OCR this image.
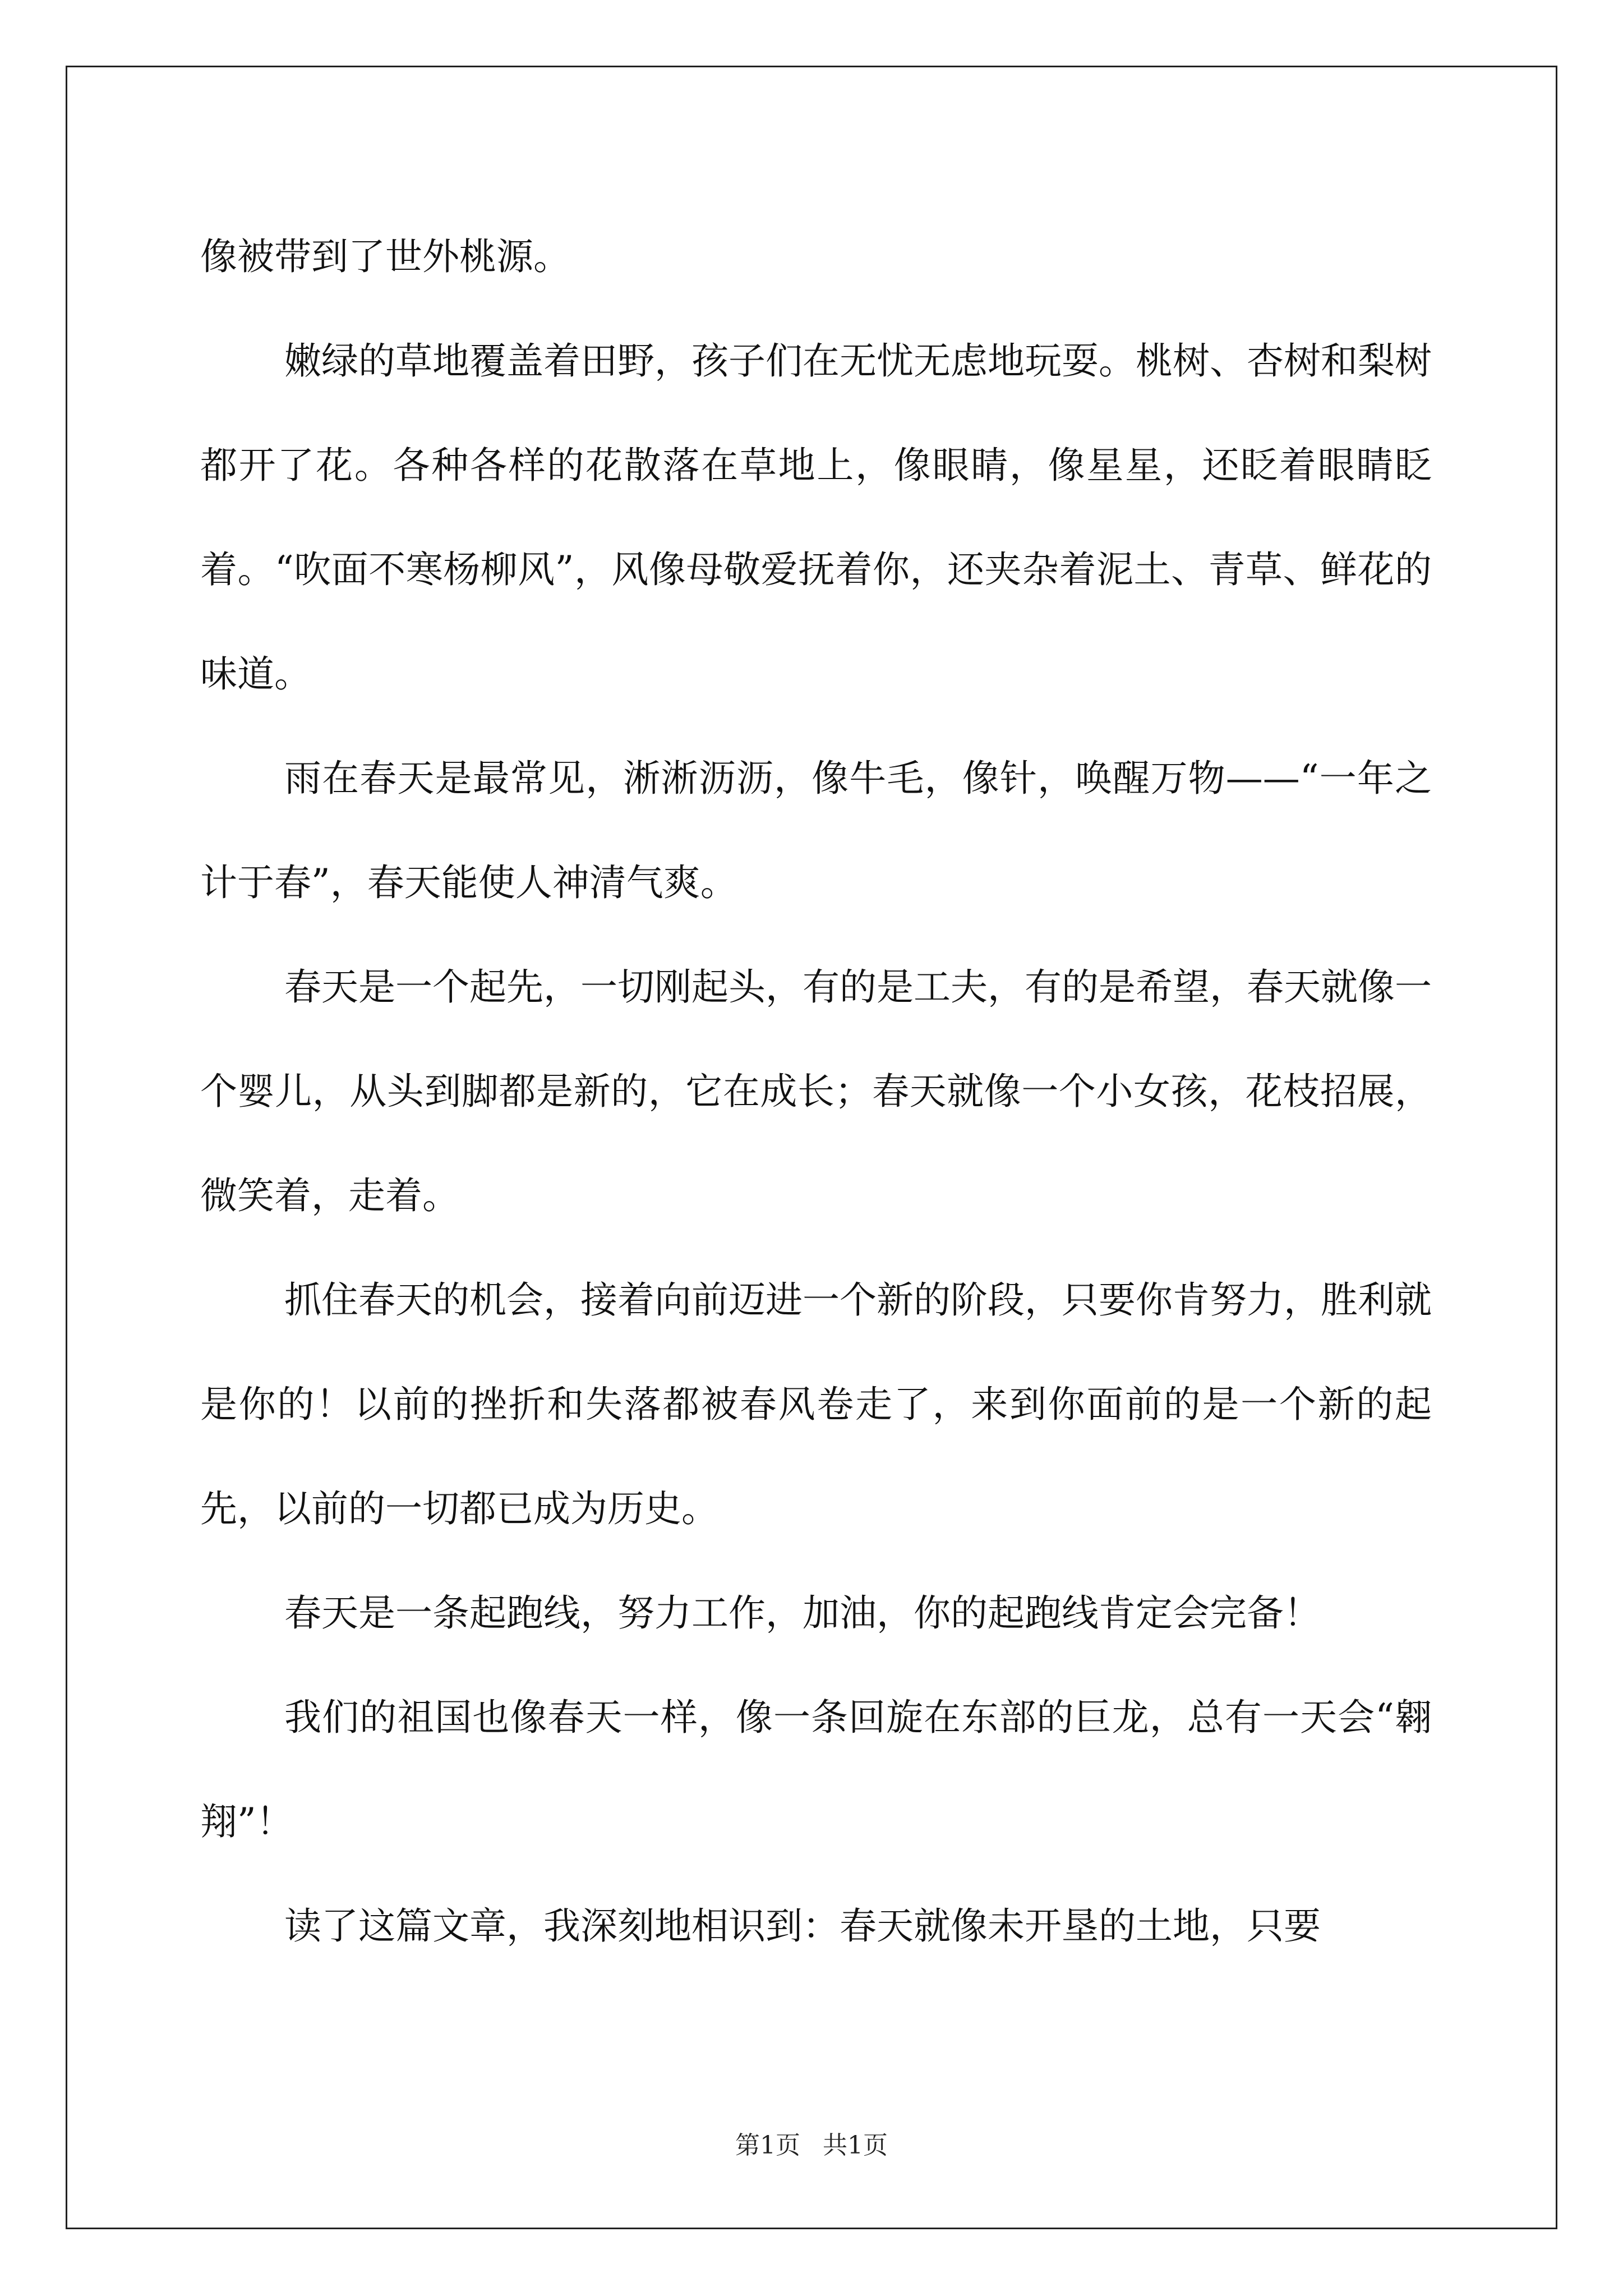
像被带到了世外桃源。

嫩绿的草地覆盖着田野，孩子们在无忧无虑地玩耍。桃树、杏树和梨树都开了花。各种各样的花散落在草地上，像眼睛，像星星，还眨着眼睛眨着。“吹面不寒杨柳风”，风像母敬爱抚着你，还夹杂着泥土、青草、鲜花的味道。

雨在春天是最常见，淅淅沥沥，像牛毛，像针，唤醒万物——“一年之计于春”，春天能使人神清气爽。

春天是一个起先，一切刚起头，有的是工夫，有的是希望，春天就像一个婴儿，从头到脚都是新的，它在成长；春天就像一个小女孩，花枝招展，微笑着，走着。

抓住春天的机会，接着向前迈进一个新的阶段，只要你肯努力，胜利就是你的！以前的挫折和失落都被春风卷走了，来到你面前的是一个新的起先，以前的一切都已成为历史。

春天是一条起跑线，努力工作，加油，你的起跑线肯定会完备！

我们的祖国也像春天一样，像一条回旋在东部的巨龙，总有一天会“翱翔”！

读了这篇文章，我深刻地相识到：春天就像未开垦的土地，只要

第1页 共1页
